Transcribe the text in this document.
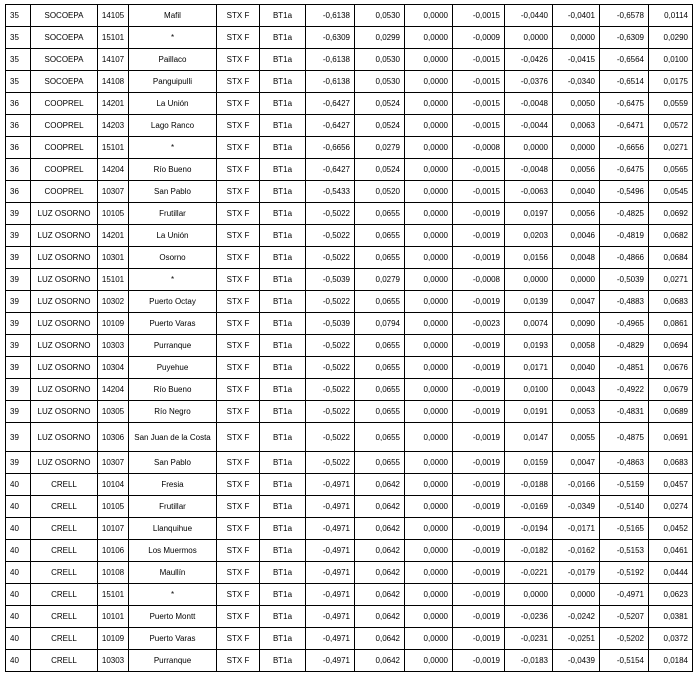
35	SOCOEPA	14105	Mafil	STX F	BT1a	-0,6138	0,0530	0,0000	-0,0015	-0,0440	-0,0401	-0,6578	0,0114
35	SOCOEPA	15101	*	STX F	BT1a	-0,6309	0,0299	0,0000	-0,0009	0,0000	0,0000	-0,6309	0,0290
35	SOCOEPA	14107	Paillaco	STX F	BT1a	-0,6138	0,0530	0,0000	-0,0015	-0,0426	-0,0415	-0,6564	0,0100
35	SOCOEPA	14108	Panguipulli	STX F	BT1a	-0,6138	0,0530	0,0000	-0,0015	-0,0376	-0,0340	-0,6514	0,0175
36	COOPREL	14201	La Unión	STX F	BT1a	-0,6427	0,0524	0,0000	-0,0015	-0,0048	0,0050	-0,6475	0,0559
36	COOPREL	14203	Lago Ranco	STX F	BT1a	-0,6427	0,0524	0,0000	-0,0015	-0,0044	0,0063	-0,6471	0,0572
36	COOPREL	15101	*	STX F	BT1a	-0,6656	0,0279	0,0000	-0,0008	0,0000	0,0000	-0,6656	0,0271
36	COOPREL	14204	Río Bueno	STX F	BT1a	-0,6427	0,0524	0,0000	-0,0015	-0,0048	0,0056	-0,6475	0,0565
36	COOPREL	10307	San Pablo	STX F	BT1a	-0,5433	0,0520	0,0000	-0,0015	-0,0063	0,0040	-0,5496	0,0545
39	LUZ OSORNO	10105	Frutillar	STX F	BT1a	-0,5022	0,0655	0,0000	-0,0019	0,0197	0,0056	-0,4825	0,0692
39	LUZ OSORNO	14201	La Unión	STX F	BT1a	-0,5022	0,0655	0,0000	-0,0019	0,0203	0,0046	-0,4819	0,0682
39	LUZ OSORNO	10301	Osorno	STX F	BT1a	-0,5022	0,0655	0,0000	-0,0019	0,0156	0,0048	-0,4866	0,0684
39	LUZ OSORNO	15101	*	STX F	BT1a	-0,5039	0,0279	0,0000	-0,0008	0,0000	0,0000	-0,5039	0,0271
39	LUZ OSORNO	10302	Puerto Octay	STX F	BT1a	-0,5022	0,0655	0,0000	-0,0019	0,0139	0,0047	-0,4883	0,0683
39	LUZ OSORNO	10109	Puerto Varas	STX F	BT1a	-0,5039	0,0794	0,0000	-0,0023	0,0074	0,0090	-0,4965	0,0861
39	LUZ OSORNO	10303	Purranque	STX F	BT1a	-0,5022	0,0655	0,0000	-0,0019	0,0193	0,0058	-0,4829	0,0694
39	LUZ OSORNO	10304	Puyehue	STX F	BT1a	-0,5022	0,0655	0,0000	-0,0019	0,0171	0,0040	-0,4851	0,0676
39	LUZ OSORNO	14204	Río Bueno	STX F	BT1a	-0,5022	0,0655	0,0000	-0,0019	0,0100	0,0043	-0,4922	0,0679
39	LUZ OSORNO	10305	Río Negro	STX F	BT1a	-0,5022	0,0655	0,0000	-0,0019	0,0191	0,0053	-0,4831	0,0689
39	LUZ OSORNO	10306	San Juan de la Costa	STX F	BT1a	-0,5022	0,0655	0,0000	-0,0019	0,0147	0,0055	-0,4875	0,0691
39	LUZ OSORNO	10307	San Pablo	STX F	BT1a	-0,5022	0,0655	0,0000	-0,0019	0,0159	0,0047	-0,4863	0,0683
40	CRELL	10104	Fresia	STX F	BT1a	-0,4971	0,0642	0,0000	-0,0019	-0,0188	-0,0166	-0,5159	0,0457
40	CRELL	10105	Frutillar	STX F	BT1a	-0,4971	0,0642	0,0000	-0,0019	-0,0169	-0,0349	-0,5140	0,0274
40	CRELL	10107	Llanquihue	STX F	BT1a	-0,4971	0,0642	0,0000	-0,0019	-0,0194	-0,0171	-0,5165	0,0452
40	CRELL	10106	Los Muermos	STX F	BT1a	-0,4971	0,0642	0,0000	-0,0019	-0,0182	-0,0162	-0,5153	0,0461
40	CRELL	10108	Maullín	STX F	BT1a	-0,4971	0,0642	0,0000	-0,0019	-0,0221	-0,0179	-0,5192	0,0444
40	CRELL	15101	*	STX F	BT1a	-0,4971	0,0642	0,0000	-0,0019	0,0000	0,0000	-0,4971	0,0623
40	CRELL	10101	Puerto Montt	STX F	BT1a	-0,4971	0,0642	0,0000	-0,0019	-0,0236	-0,0242	-0,5207	0,0381
40	CRELL	10109	Puerto Varas	STX F	BT1a	-0,4971	0,0642	0,0000	-0,0019	-0,0231	-0,0251	-0,5202	0,0372
40	CRELL	10303	Purranque	STX F	BT1a	-0,4971	0,0642	0,0000	-0,0019	-0,0183	-0,0439	-0,5154	0,0184
